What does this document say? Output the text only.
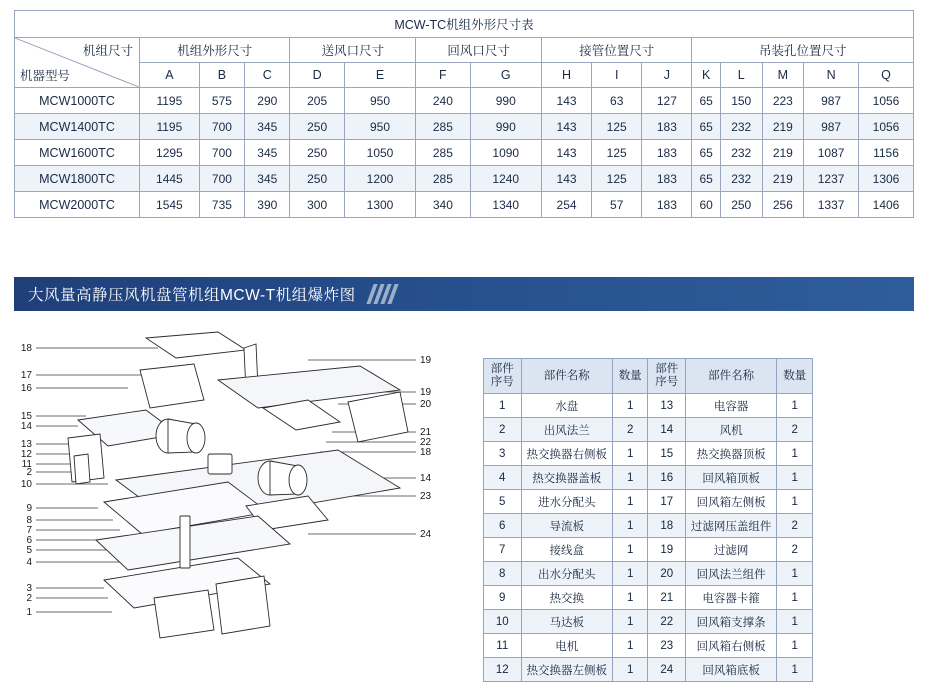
MCW-TC机组外形尺寸表															

机组尺寸
机器型号	机组外形尺寸			送风口尺寸		回风口尺寸		接管位置尺寸			吊装孔位置尺寸				
	A	B	C	D	E	F	G	H	I	J	K	L	M	N	Q
MCW1000TC	1195	575	290	205	950	240	990	143	63	127	65	150	223	987	1056
MCW1400TC	1195	700	345	250	950	285	990	143	125	183	65	232	219	987	1056
MCW1600TC	1295	700	345	250	1050	285	1090	143	125	183	65	232	219	1087	1156
MCW1800TC	1445	700	345	250	1200	285	1240	143	125	183	65	232	219	1237	1306
MCW2000TC	1545	735	390	300	1300	340	1340	254	57	183	60	250	256	1337	1406
大风量高静压风机盘管机组MCW-T机组爆炸图
18
17
16
15
14
13
12
11
2
10
9
8
7
6
5
4
3
2
1
19
19
20
21
22
18
14
23
24
部件序号	部件名称	数量	部件序号	部件名称	数量
1	水盘	1	13	电容器	1
2	出风法兰	2	14	风机	2
3	热交换器右侧板	1	15	热交换器顶板	1
4	热交换器盖板	1	16	回风箱顶板	1
5	进水分配头	1	17	回风箱左侧板	1
6	导流板	1	18	过滤网压盖组件	2
7	接线盒	1	19	过滤网	2
8	出水分配头	1	20	回风法兰组件	1
9	热交换	1	21	电容器卡箍	1
10	马达板	1	22	回风箱支撑条	1
11	电机	1	23	回风箱右侧板	1
12	热交换器左侧板	1	24	回风箱底板	1
